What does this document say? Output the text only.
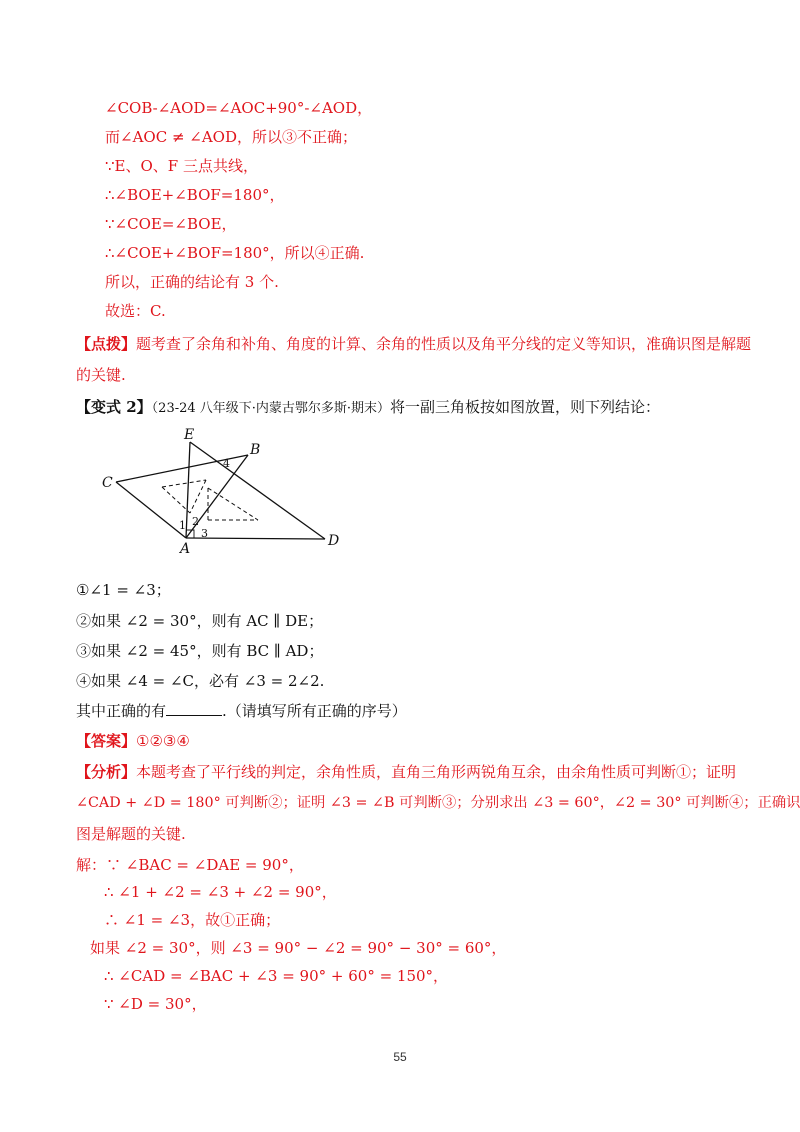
∠COB-∠AOD=∠AOC+90°-∠AOD，
而∠AOC ≠ ∠AOD，所以③不正确；
∵E、O、F 三点共线，
∴∠BOE+∠BOF=180°，
∵∠COE=∠BOE，
∴∠COE+∠BOF=180°，所以④正确.
所以，正确的结论有 3 个.
故选：C.
【点拨】题考查了余角和补角、角度的计算、余角的性质以及角平分线的定义等知识，准确识图是解题
的关键.
【变式 2】（23-24 八年级下·内蒙古鄂尔多斯·期末）将一副三角板按如图放置，则下列结论：
E
B
C
A	D
1 2
3
4
①∠1 = ∠3；
②如果 ∠2 = 30°，则有 AC ∥ DE；
③如果 ∠2 = 45°，则有 BC ∥ AD；
④如果 ∠4 = ∠C，必有 ∠3 = 2∠2.
其中正确的有	.（请填写所有正确的序号）
【答案】①②③④
【分析】本题考查了平行线的判定，余角性质，直角三角形两锐角互余，由余角性质可判断①；证明
∠CAD + ∠D = 180° 可判断②；证明 ∠3 = ∠B 可判断③；分别求出 ∠3 = 60°，∠2 = 30° 可判断④；正确识
图是解题的关键.
解：∵ ∠BAC = ∠DAE = 90°，
∴ ∠1 + ∠2 = ∠3 + ∠2 = 90°，
∴ ∠1 = ∠3，故①正确；
如果 ∠2 = 30°，则 ∠3 = 90° − ∠2 = 90° − 30° = 60°，
∴ ∠CAD = ∠BAC + ∠3 = 90° + 60° = 150°，
∵ ∠D = 30°，
55
